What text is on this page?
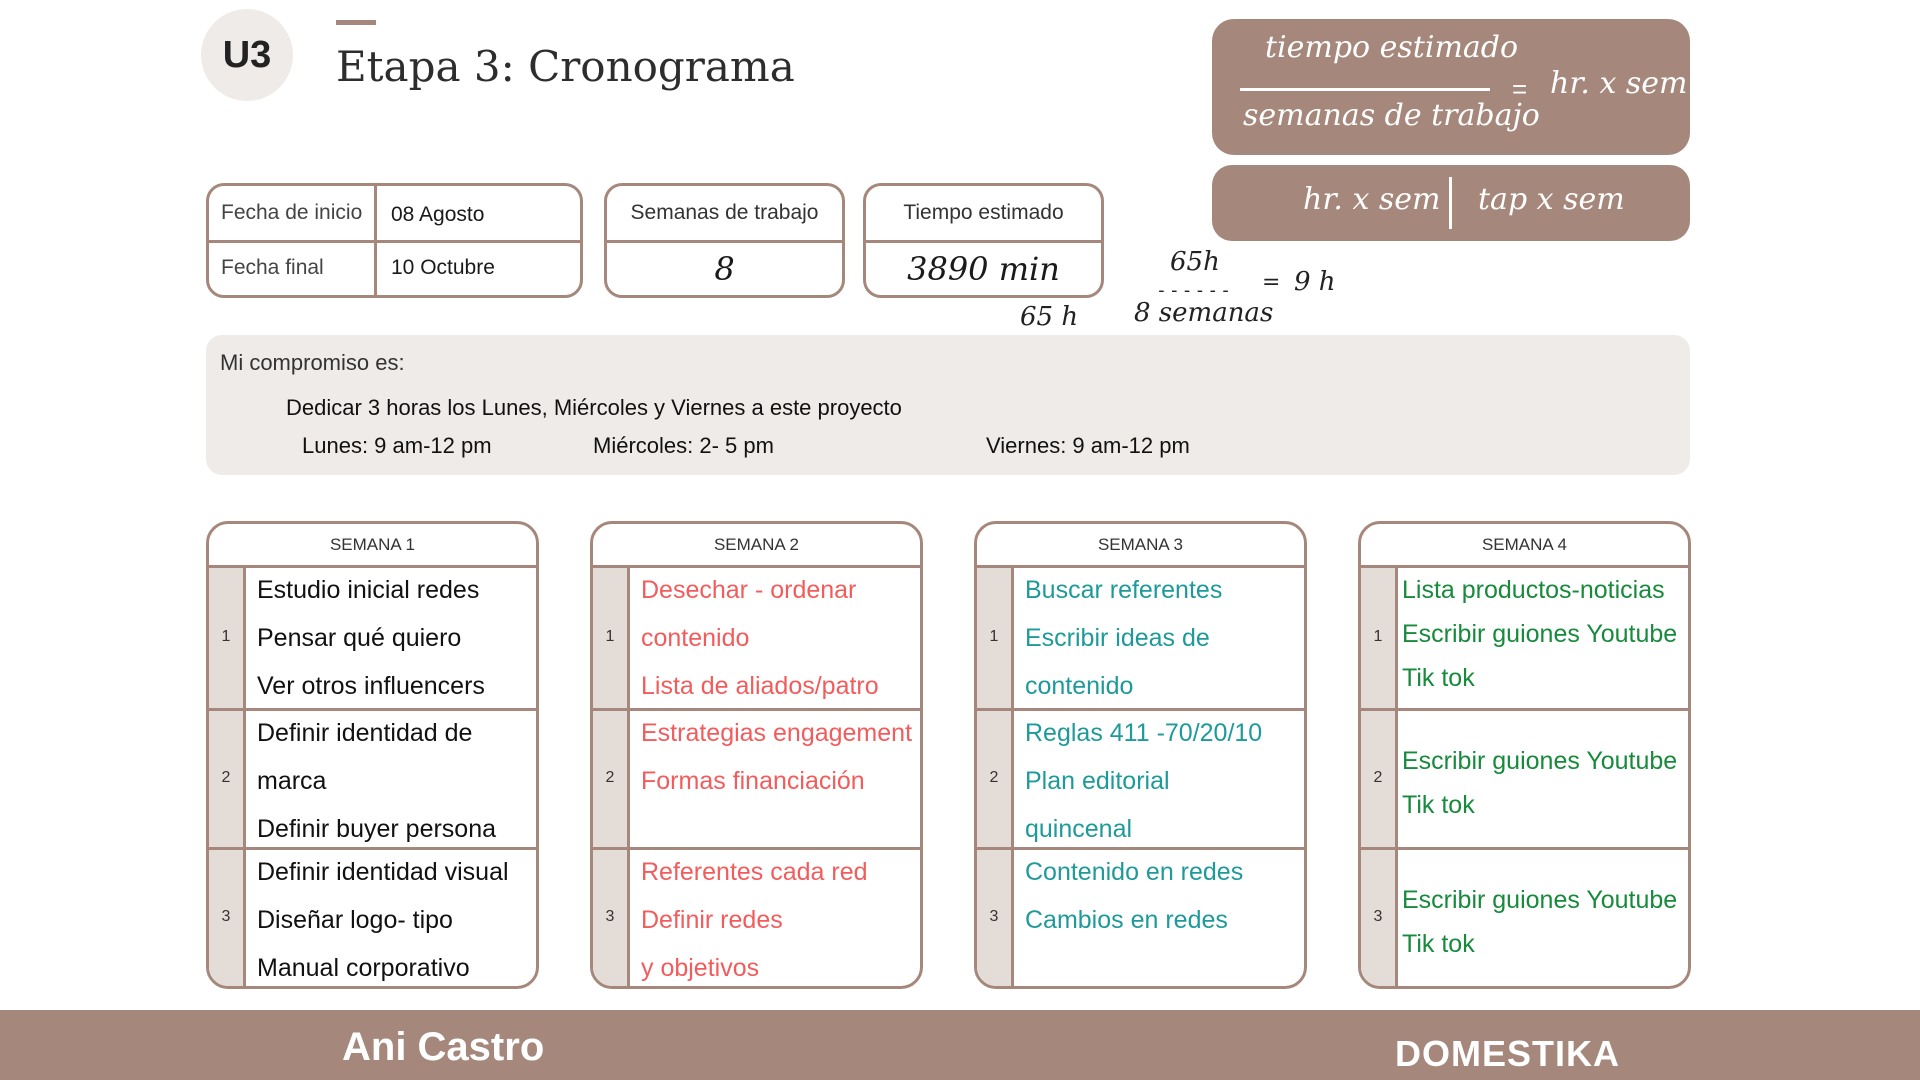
U3	Etapa 3: Cronograma	tiempo estimado
semanas de trabajo
= hr. x sem
hr. x sem tap x sem
Fecha de inicio 08 Agosto
Fecha final	10 Octubre
Semanas de trabajo
8
Tiempo estimado
3890 min
65 h
65h
------
8 semanas
= 9 h
Mi compromiso es:
Dedicar 3 horas los Lunes, Miércoles y Viernes a este proyecto
Lunes: 9 am-12 pm	Miércoles: 2- 5 pm	Viernes: 9 am-12 pm
SEMANA 1
1
Estudio inicial redes
Pensar qué quiero
Ver otros influencers
2
Definir identidad de
marca
Definir buyer persona
3
Definir identidad visual
Diseñar logo- tipo
Manual corporativo
SEMANA 2
1
Desechar - ordenar
contenido
Lista de aliados/patro
2
Estrategias engagement
Formas financiación
3
Referentes cada red
Definir redes
y objetivos
SEMANA 3
1
Buscar referentes
Escribir ideas de
contenido
2
Reglas 411 -70/20/10
Plan editorial
quincenal
3
Contenido en redes
Cambios en redes
SEMANA 4
1
Lista productos-noticias
Escribir guiones Youtube
Tik tok
2
Escribir guiones Youtube
Tik tok
3
Escribir guiones Youtube
Tik tok
Ani Castro	DOMESTIKA
